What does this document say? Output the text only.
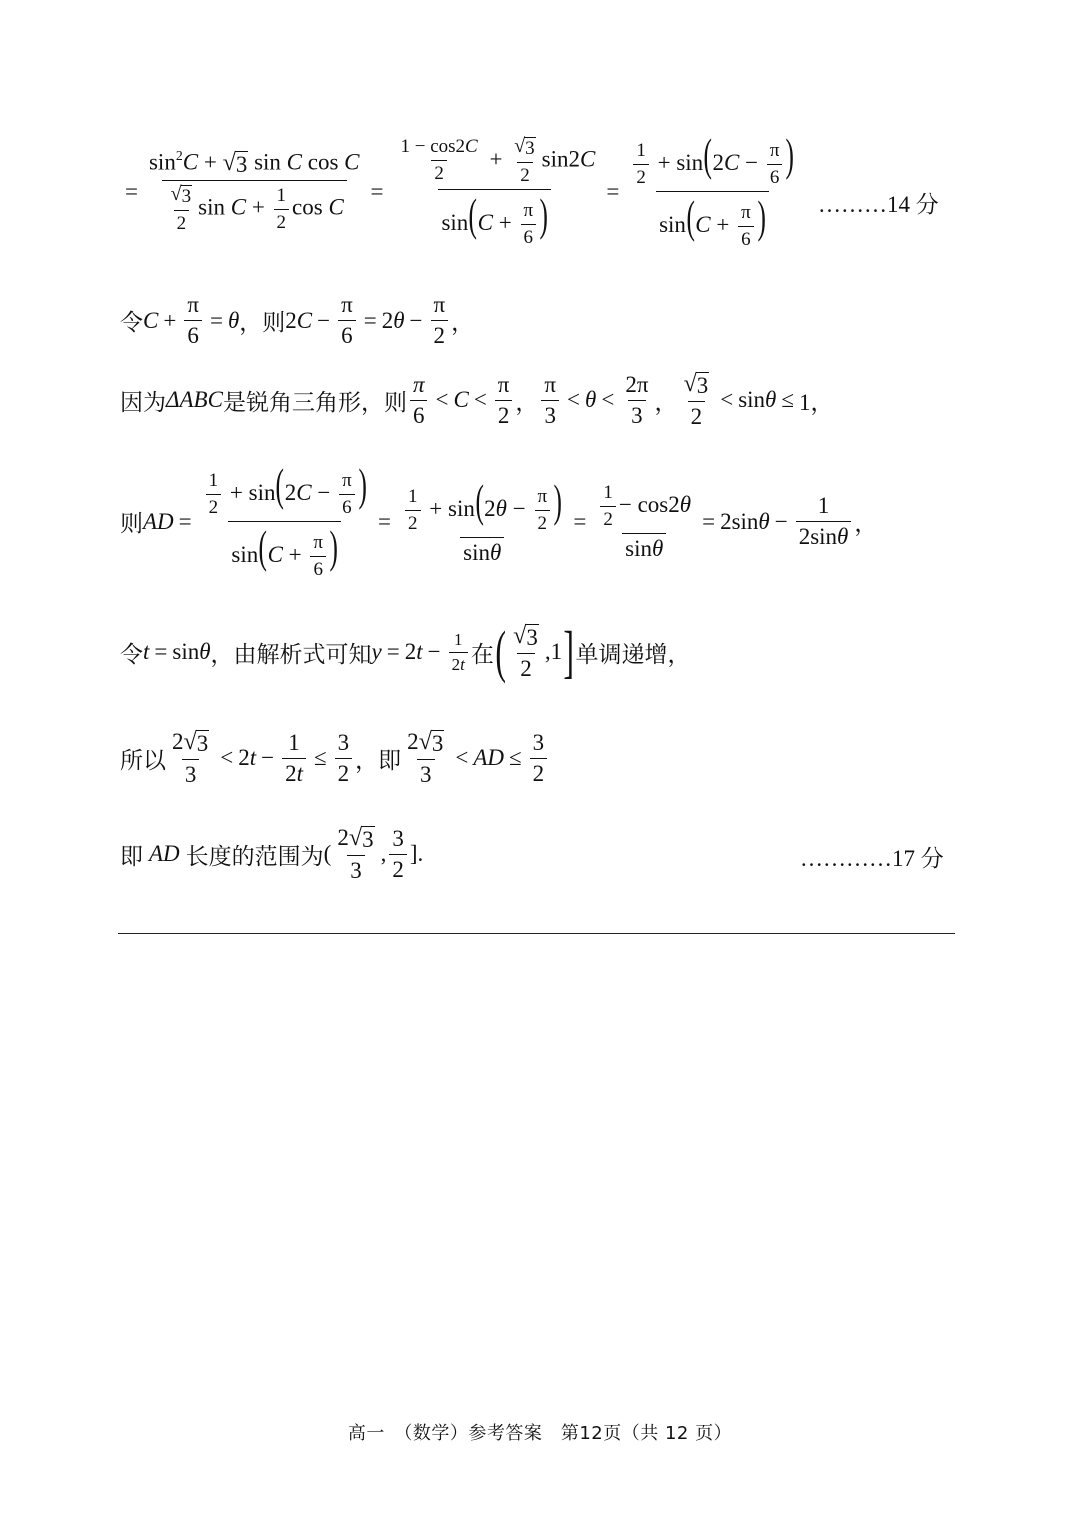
= $\frac{\sin^2C + √ 3 \sin C \cos C}{\frac{√ 3}{2} \sin C + \frac{1}{2} \cos C} = \frac{\frac{1 - \cos 2C}{2} + \frac{√ 3}{2} \sin 2C}{\sin(C + \frac{\pi}{6} )} = \frac{\frac{1}{2} + \sin(2C - \frac{\pi}{6} )}{\sin(C + \frac{\pi}{6} )}$ ………14 分
令 $C + \frac{\pi}{6} = \theta$ ， 则 2 $C - \frac{\pi}{6} = 2$ $\theta - \frac{\pi}{2}$ ，
因为 ΔABC 是锐角三角形，则 $\frac{\pi}{6} < C < \frac{\pi}{2}$ ， $\frac{\pi}{3} < \theta < \frac{2\pi}{3}$ ， $\frac{√ 3}{2} < \sin \theta \le 1$，
则 AD = $\frac{\frac{1}{2} + \sin(2C - \frac{\pi}{6} )}{\sin(C + \frac{\pi}{6} )} = \frac{\frac{1}{2} + \sin(2\theta - \frac{\pi}{2} )}{\sin\theta} = \frac{\frac{1}{2} - \cos 2\theta}{\sin\theta} = 2\sin$ $\theta - \frac{1}{2\sin\theta}$ ，
令 t = sin θ ，由解析式可知 y = 2 $t - \frac{1}{2t}$ 在 ( $\frac{√ 3}{2} ,1$ ] 单调递增，
所以 $\frac{2 √ 3}{3} < 2$ $t - \frac{1}{2t} \le \frac{3}{2}$ ，即 $\frac{2 √ 3}{3}$ < AD ≤ $\frac{3}{2}$
即 AD 长度的范围为 ( $\frac{2 √ 3}{3}$ , $\frac{3}{2}$ ].	…………17 分
高一　（数学）参考答案　第12页（共 12 页）
